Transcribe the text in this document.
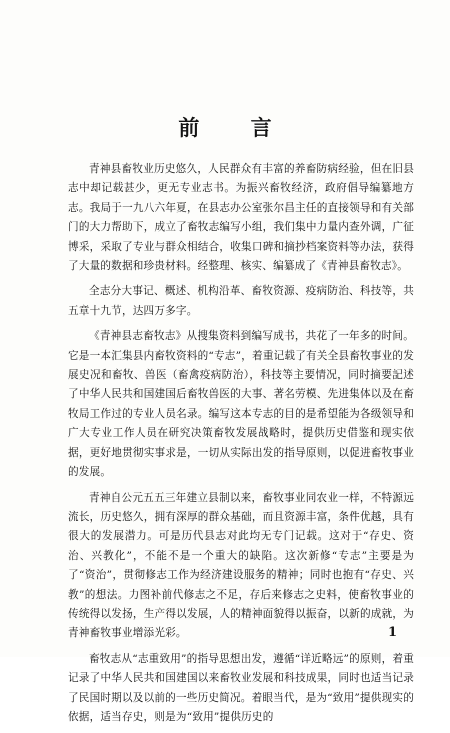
前 言

青神县畜牧业历史悠久，人民群众有丰富的养畜防病经验，但在旧县志中却记载甚少，更无专业志书。为振兴畜牧经济，政府倡导编纂地方志。我局于一九八六年夏，在县志办公室张尔昌主任的直接领导和有关部门的大力帮助下，成立了畜牧志编写小组，我们集中力量内查外调，广征博采，采取了专业与群众相结合，收集口碑和摘抄档案资料等办法，获得了大量的数据和珍贵材料。经整理、核实、编纂成了《青神县畜牧志》。

全志分大事记、概述、机构沿革、畜牧资源、疫病防治、科技等，共五章十九节，达四万多字。

《青神县志畜牧志》从搜集资料到编写成书，共花了一年多的时间。它是一本汇集县内畜牧资料的“专志”，着重记载了有关全县畜牧事业的发展史况和畜牧、兽医（畜禽疫病防治），科技等主要情况，同时摘要記述了中华人民共和国建国后畜牧兽医的大事、著名劳模、先进集体以及在畜牧局工作过的专业人员名录。编写这本专志的目的是希望能为各级领导和广大专业工作人员在研究决策畜牧发展战略时，提供历史借鉴和现实依据，更好地贯彻实事求是，一切从实际出发的指导原则，以促进畜牧事业的发展。

青神自公元五五三年建立县制以来，畜牧事业同农业一样，不特源远流长，历史悠久，拥有深厚的群众基础，而且资源丰富，条件优越，具有很大的发展潜力。可是历代县志对此均无专门记载。这对于“存史、资治、兴教化”，不能不是一个重大的缺陷。这次新修“专志”主要是为了“资治”，贯彻修志工作为经济建设服务的精神；同时也抱有“存史、兴教”的想法。力图补前代修志之不足，存后来修志之史料，使畜牧事业的传统得以发扬，生产得以发展，人的精神面貌得以振奋，以新的成就，为青神畜牧事业增添光彩。

畜牧志从“志重致用”的指导思想出发，遵循“详近略远”的原则，着重记录了中华人民共和国建国以来畜牧业发展和科技成果，同时也适当记录了民国时期以及以前的一些历史简况。着眼当代，是为“致用”提供现实的依据，适当存史，则是为“致用”提供历史的

1
